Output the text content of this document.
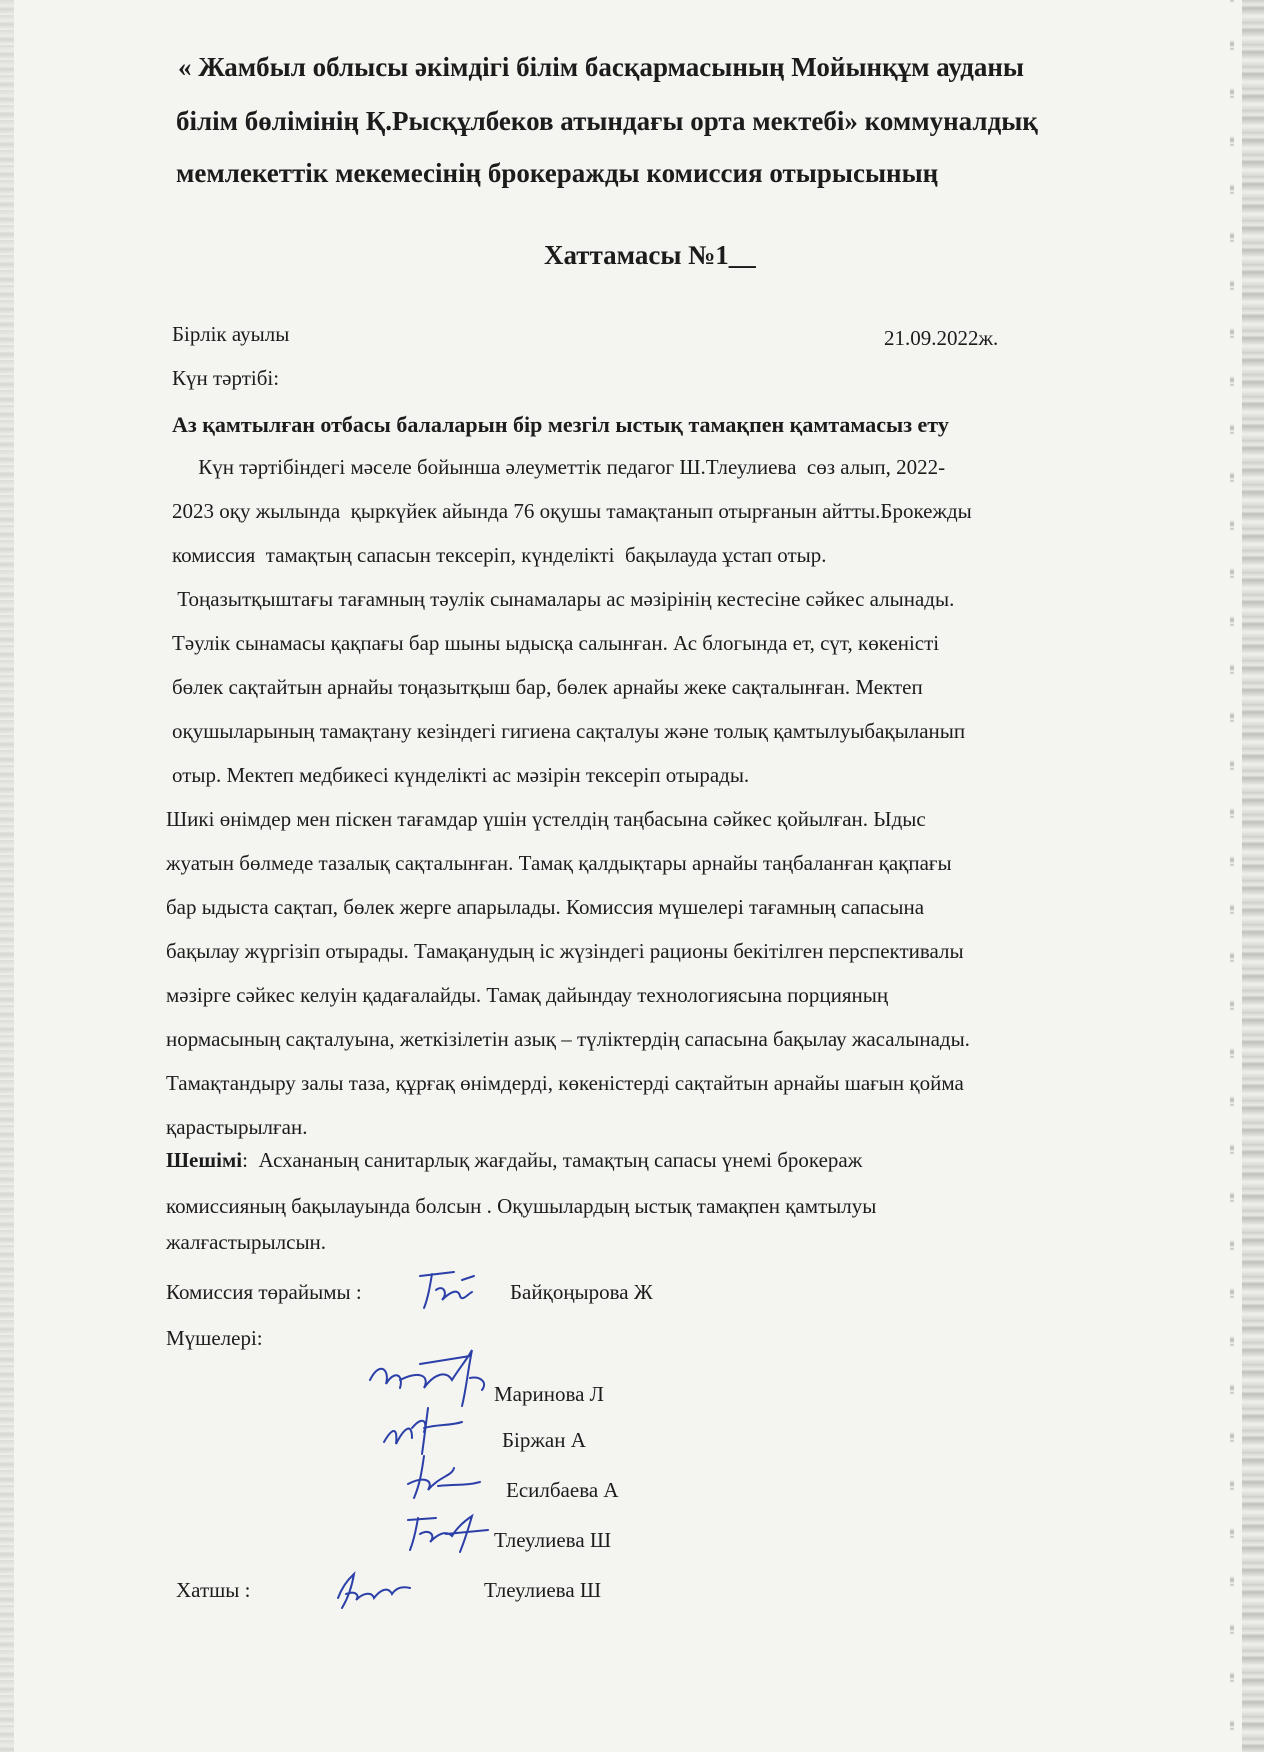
« Жамбыл облысы әкімдігі білім басқармасының Мойынқұм ауданы
білім бөлімінің Қ.Рысқұлбеков атындағы орта мектебі» коммуналдық
мемлекеттік мекемесінің брокеражды комиссия отырысының
Хаттамасы №1__
Бірлік ауылы	21.09.2022ж.
Күн тәртібі:
Аз қамтылған отбасы балаларын бір мезгіл ыстық тамақпен қамтамасыз ету
Күн тәртібіндегі мәселе бойынша әлеуметтік педагог Ш.Тлеулиева  сөз алып, 2022-
2023 оқу жылында  қыркүйек айында 76 оқушы тамақтанып отырғанын айтты.Брокежды
комиссия  тамақтың сапасын тексеріп, күнделікті  бақылауда ұстап отыр.
Тоңазытқыштағы тағамның тәулік сынамалары ас мәзірінің кестесіне сәйкес алынады.
Тәулік сынамасы қақпағы бар шыны ыдысқа салынған. Ас блогында ет, сүт, көкеністі
бөлек сақтайтын арнайы тоңазытқыш бар, бөлек арнайы жеке сақталынған. Мектеп
оқушыларының тамақтану кезіндегі гигиена сақталуы және толық қамтылуыбақыланып
отыр. Мектеп медбикесі күнделікті ас мәзірін тексеріп отырады.
Шикі өнімдер мен піскен тағамдар үшін үстелдің таңбасына сәйкес қойылған. Ыдыс
жуатын бөлмеде тазалық сақталынған. Тамақ қалдықтары арнайы таңбаланған қақпағы
бар ыдыста сақтап, бөлек жерге апарылады. Комиссия мүшелері тағамның сапасына
бақылау жүргізіп отырады. Тамақанудың іс жүзіндегі рационы бекітілген перспективалы
мәзірге сәйкес келуін қадағалайды. Тамақ дайындау технологиясына порцияның
нормасының сақталуына, жеткізілетін азық – түліктердің сапасына бақылау жасалынады.
Тамақтандыру залы таза, құрғақ өнімдерді, көкеністерді сақтайтын арнайы шағын қойма
қарастырылған.
Шешімі:  Асхананың санитарлық жағдайы, тамақтың сапасы үнемі брокераж
комиссияның бақылауында болсын . Оқушылардың ыстық тамақпен қамтылуы
жалғастырылсын.
Комиссия төрайымы :	Байқоңырова Ж
Мүшелері:
Маринова Л
Біржан А
Есилбаева А
Тлеулиева Ш
Хатшы :	Тлеулиева Ш
